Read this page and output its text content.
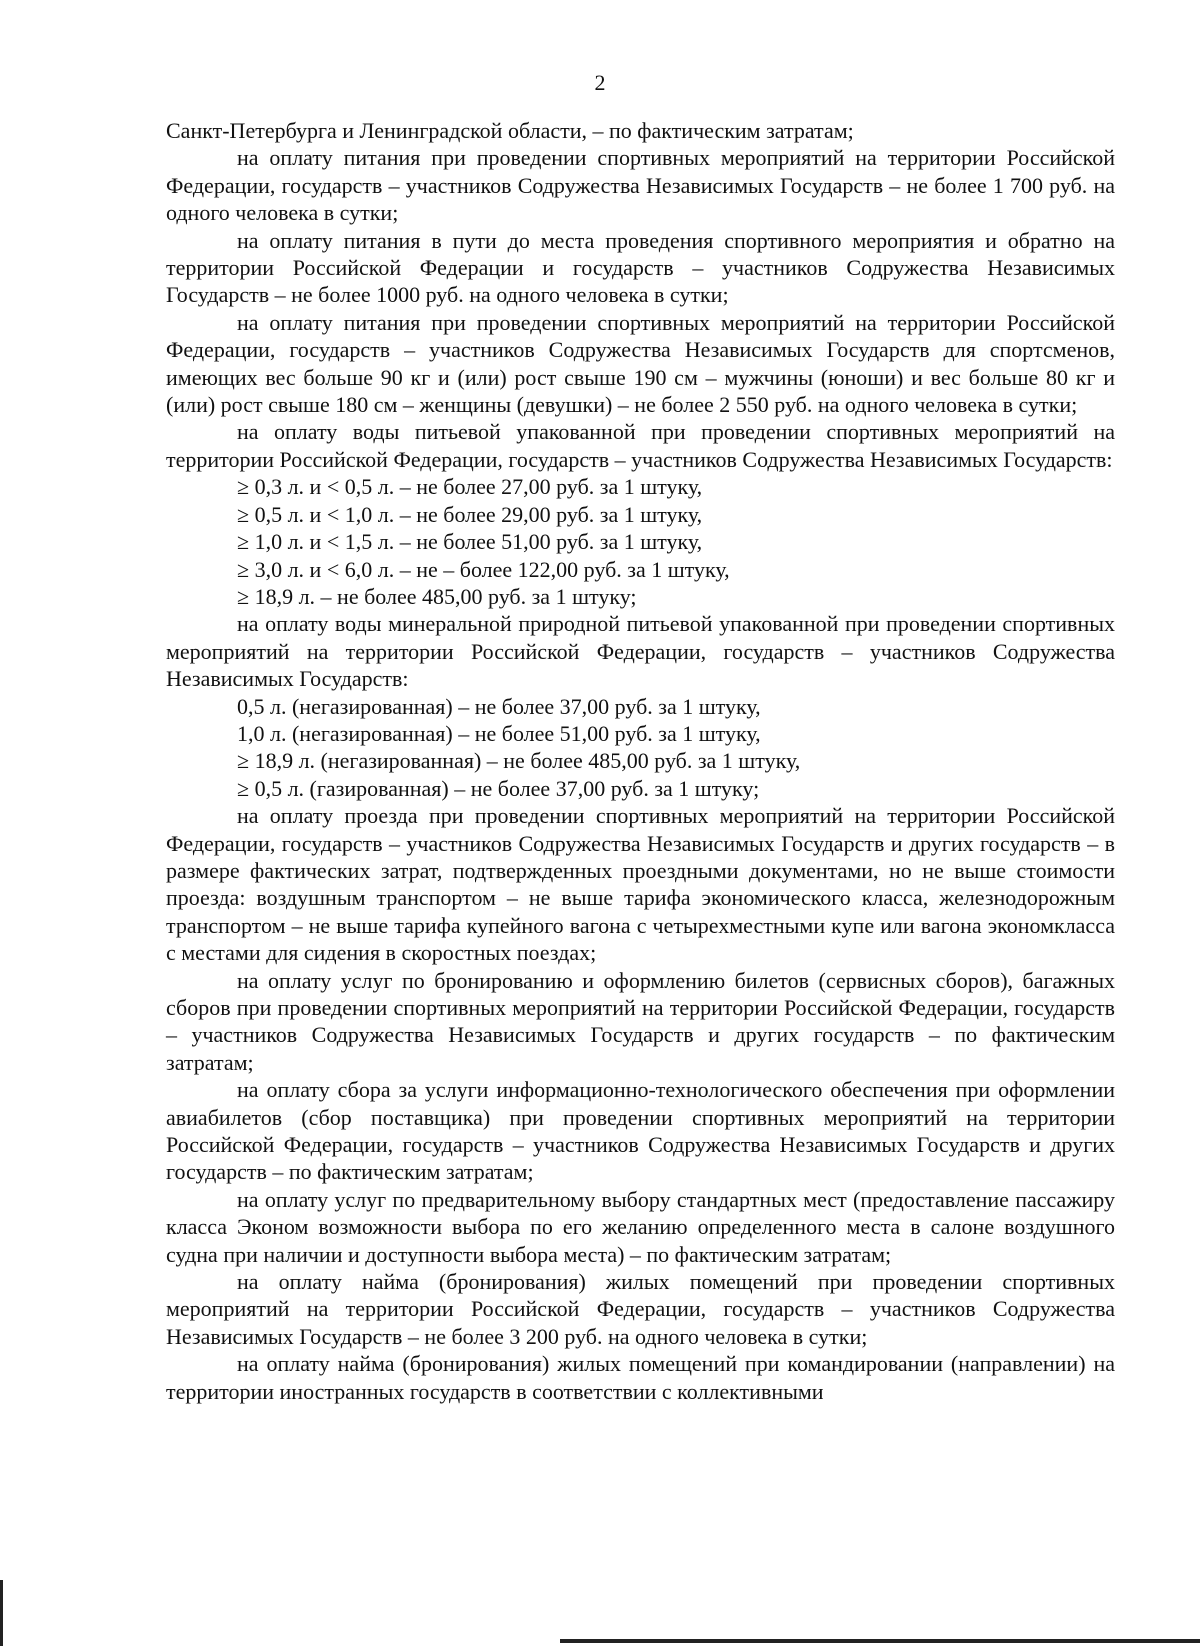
2

Санкт-Петербурга и Ленинградской области, – по фактическим затратам;

на оплату питания при проведении спортивных мероприятий на территории Российской Федерации, государств – участников Содружества Независимых Государств – не более 1 700 руб. на одного человека в сутки;

на оплату питания в пути до места проведения спортивного мероприятия и обратно на территории Российской Федерации и государств – участников Содружества Независимых Государств – не более 1000 руб. на одного человека в сутки;

на оплату питания при проведении спортивных мероприятий на территории Российской Федерации, государств – участников Содружества Независимых Государств для спортсменов, имеющих вес больше 90 кг и (или) рост свыше 190 см – мужчины (юноши) и вес больше 80 кг и (или) рост свыше 180 см – женщины (девушки) – не более 2 550 руб. на одного человека в сутки;

на оплату воды питьевой упакованной при проведении спортивных мероприятий на территории Российской Федерации, государств – участников Содружества Независимых Государств:

≥ 0,3 л. и < 0,5 л. – не более 27,00 руб. за 1 штуку,

≥ 0,5 л. и < 1,0 л. – не более 29,00 руб. за 1 штуку,

≥ 1,0 л. и < 1,5 л. – не более 51,00 руб. за 1 штуку,

≥ 3,0 л. и < 6,0 л. – не – более 122,00 руб. за 1 штуку,

≥ 18,9 л. – не более 485,00 руб. за 1 штуку;

на оплату воды минеральной природной питьевой упакованной при проведении спортивных мероприятий на территории Российской Федерации, государств – участников Содружества Независимых Государств:

0,5 л. (негазированная) – не более 37,00 руб. за 1 штуку,

1,0 л. (негазированная) – не более 51,00 руб. за 1 штуку,

≥ 18,9 л. (негазированная) – не более 485,00 руб. за 1 штуку,

≥ 0,5 л. (газированная) – не более 37,00 руб. за 1 штуку;

на оплату проезда при проведении спортивных мероприятий на территории Российской Федерации, государств – участников Содружества Независимых Государств и других государств – в размере фактических затрат, подтвержденных проездными документами, но не выше стоимости проезда: воздушным транспортом – не выше тарифа экономического класса, железнодорожным транспортом – не выше тарифа купейного вагона с четырехместными купе или вагона экономкласса с местами для сидения в скоростных поездах;

на оплату услуг по бронированию и оформлению билетов (сервисных сборов), багажных сборов при проведении спортивных мероприятий на территории Российской Федерации, государств – участников Содружества Независимых Государств и других государств – по фактическим затратам;

на оплату сбора за услуги информационно-технологического обеспечения при оформлении авиабилетов (сбор поставщика) при проведении спортивных мероприятий на территории Российской Федерации, государств – участников Содружества Независимых Государств и других государств – по фактическим затратам;

на оплату услуг по предварительному выбору стандартных мест (предоставление пассажиру класса Эконом возможности выбора по его желанию определенного места в салоне воздушного судна при наличии и доступности выбора места) – по фактическим затратам;

на оплату найма (бронирования) жилых помещений при проведении спортивных мероприятий на территории Российской Федерации, государств – участников Содружества Независимых Государств – не более 3 200 руб. на одного человека в сутки;

на оплату найма (бронирования) жилых помещений при командировании (направлении) на территории иностранных государств в соответствии с коллективными
